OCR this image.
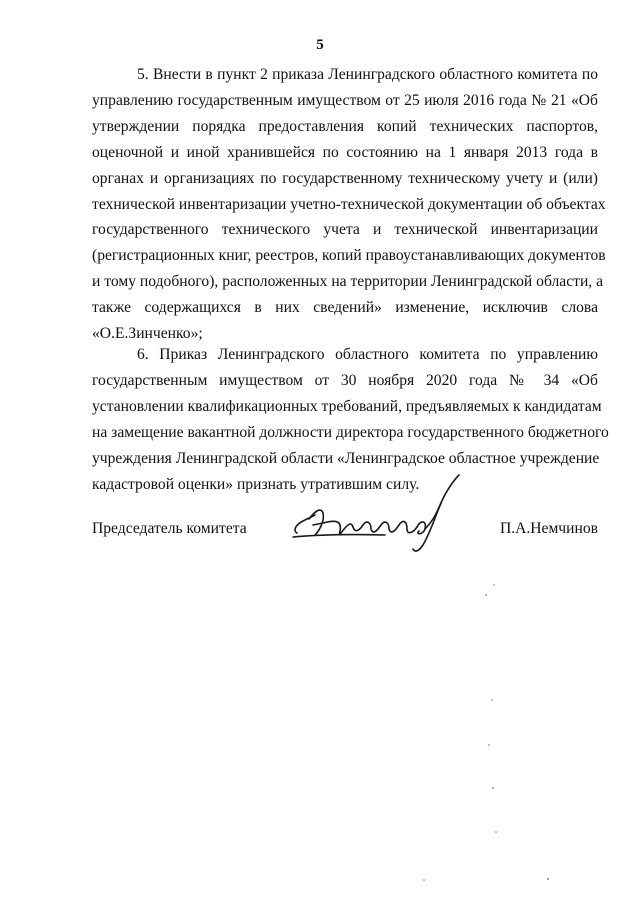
5
5. Внести в пункт 2 приказа Ленинградского областного комитета по
управлению государственным имуществом от 25 июля 2016 года № 21 «Об
утверждении порядка предоставления копий технических паспортов,
оценочной и иной хранившейся по состоянию на 1 января 2013 года в
органах и организациях по государственному техническому учету и (или)
технической инвентаризации учетно-технической документации об объектах
государственного технического учета и технической инвентаризации
(регистрационных книг, реестров, копий правоустанавливающих документов
и тому подобного), расположенных на территории Ленинградской области, а
также содержащихся в них сведений» изменение, исключив слова
«О.Е.Зинченко»;
6. Приказ Ленинградского областного комитета по управлению
государственным имуществом от 30 ноября 2020 года № 34 «Об
установлении квалификационных требований, предъявляемых к кандидатам
на замещение вакантной должности директора государственного бюджетного
учреждения Ленинградской области «Ленинградское областное учреждение
кадастровой оценки» признать утратившим силу.
Председатель комитета	П.А.Немчинов
